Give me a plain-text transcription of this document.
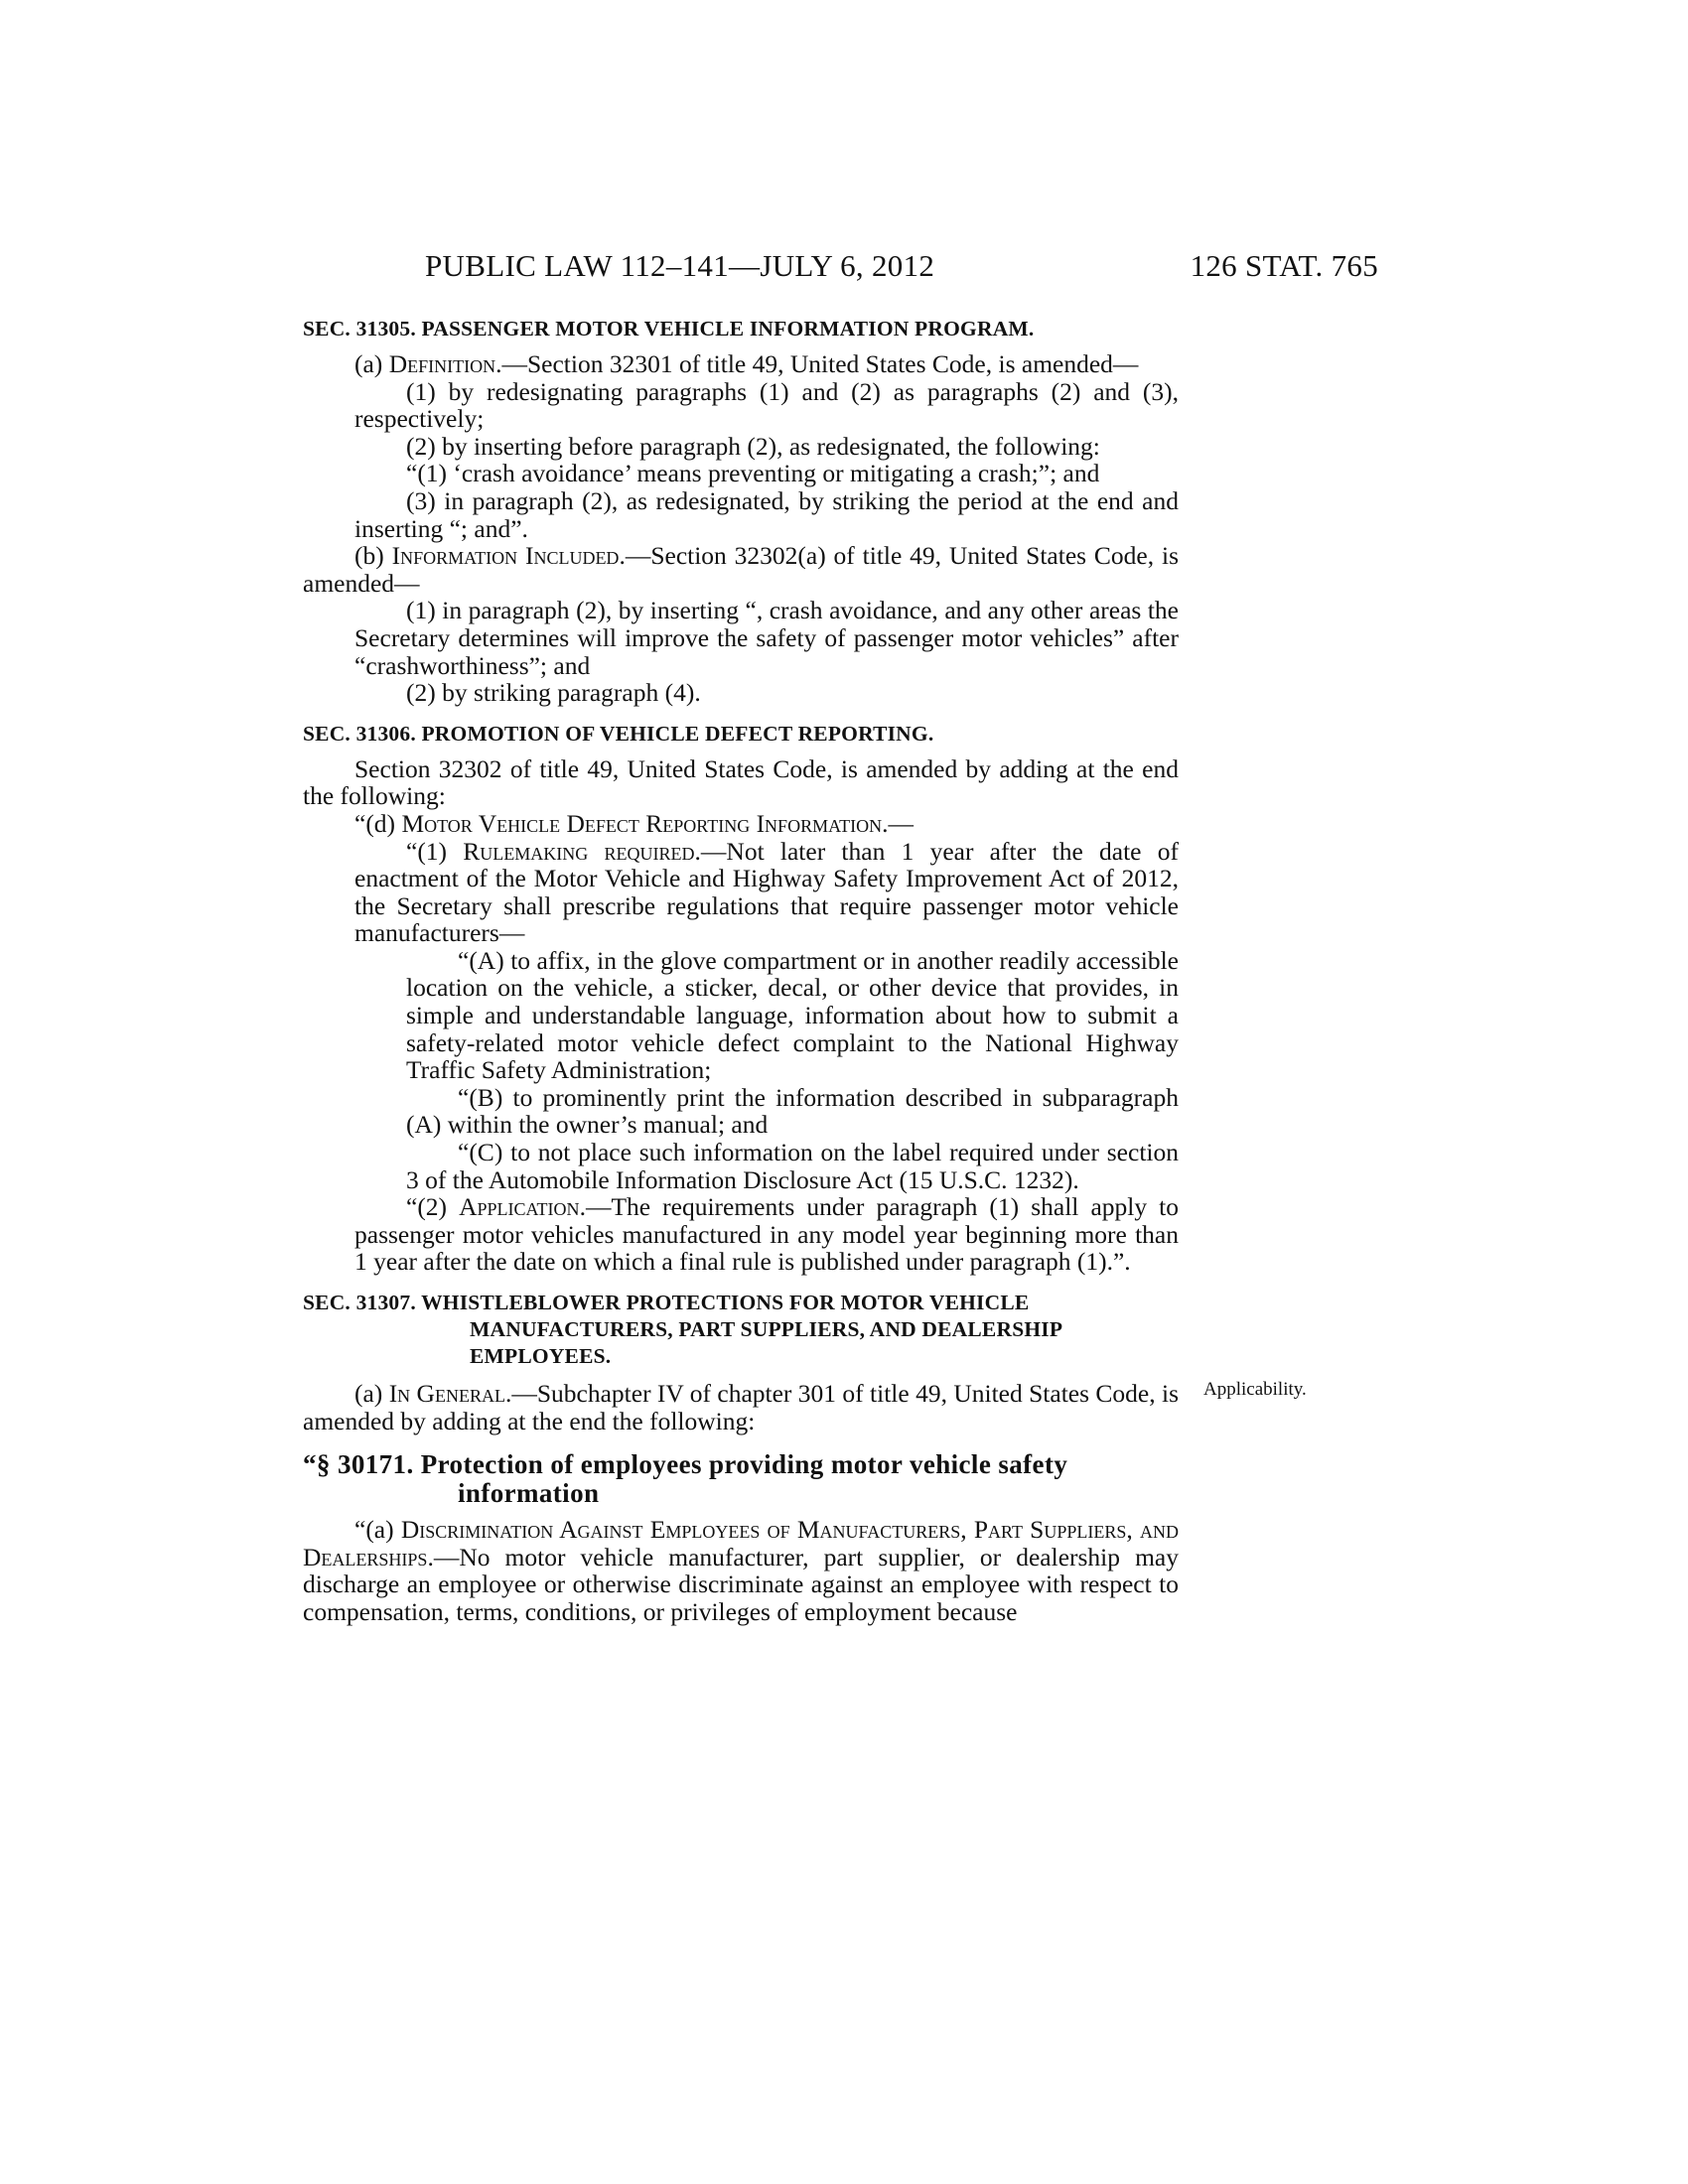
PUBLIC LAW 112–141—JULY 6, 2012	126 STAT. 765

SEC. 31305. PASSENGER MOTOR VEHICLE INFORMATION PROGRAM.

(a) Definition.—Section 32301 of title 49, United States Code, is amended—

(1) by redesignating paragraphs (1) and (2) as paragraphs (2) and (3), respectively;

(2) by inserting before paragraph (2), as redesignated, the following:

“(1) ‘crash avoidance’ means preventing or mitigating a crash;”; and

(3) in paragraph (2), as redesignated, by striking the period at the end and inserting “; and”.

(b) Information Included.—Section 32302(a) of title 49, United States Code, is amended—

(1) in paragraph (2), by inserting “, crash avoidance, and any other areas the Secretary determines will improve the safety of passenger motor vehicles” after “crashworthiness”; and

(2) by striking paragraph (4).

SEC. 31306. PROMOTION OF VEHICLE DEFECT REPORTING.

Section 32302 of title 49, United States Code, is amended by adding at the end the following:

“(d) Motor Vehicle Defect Reporting Information.—

“(1) Rulemaking required.—Not later than 1 year after the date of enactment of the Motor Vehicle and Highway Safety Improvement Act of 2012, the Secretary shall prescribe regulations that require passenger motor vehicle manufacturers—

“(A) to affix, in the glove compartment or in another readily accessible location on the vehicle, a sticker, decal, or other device that provides, in simple and understandable language, information about how to submit a safety-related motor vehicle defect complaint to the National Highway Traffic Safety Administration;

“(B) to prominently print the information described in subparagraph (A) within the owner’s manual; and

“(C) to not place such information on the label required under section 3 of the Automobile Information Disclosure Act (15 U.S.C. 1232).

“(2) Application.—The requirements under paragraph (1) shall apply to passenger motor vehicles manufactured in any model year beginning more than 1 year after the date on which a final rule is published under paragraph (1).”.

SEC. 31307. WHISTLEBLOWER PROTECTIONS FOR MOTOR VEHICLE MANUFACTURERS, PART SUPPLIERS, AND DEALERSHIP EMPLOYEES.

(a) In General.—Subchapter IV of chapter 301 of title 49, United States Code, is amended by adding at the end the following:

“§ 30171. Protection of employees providing motor vehicle safety information

“(a) Discrimination Against Employees of Manufacturers, Part Suppliers, and Dealerships.—No motor vehicle manufacturer, part supplier, or dealership may discharge an employee or otherwise discriminate against an employee with respect to compensation, terms, conditions, or privileges of employment because

Applicability.
